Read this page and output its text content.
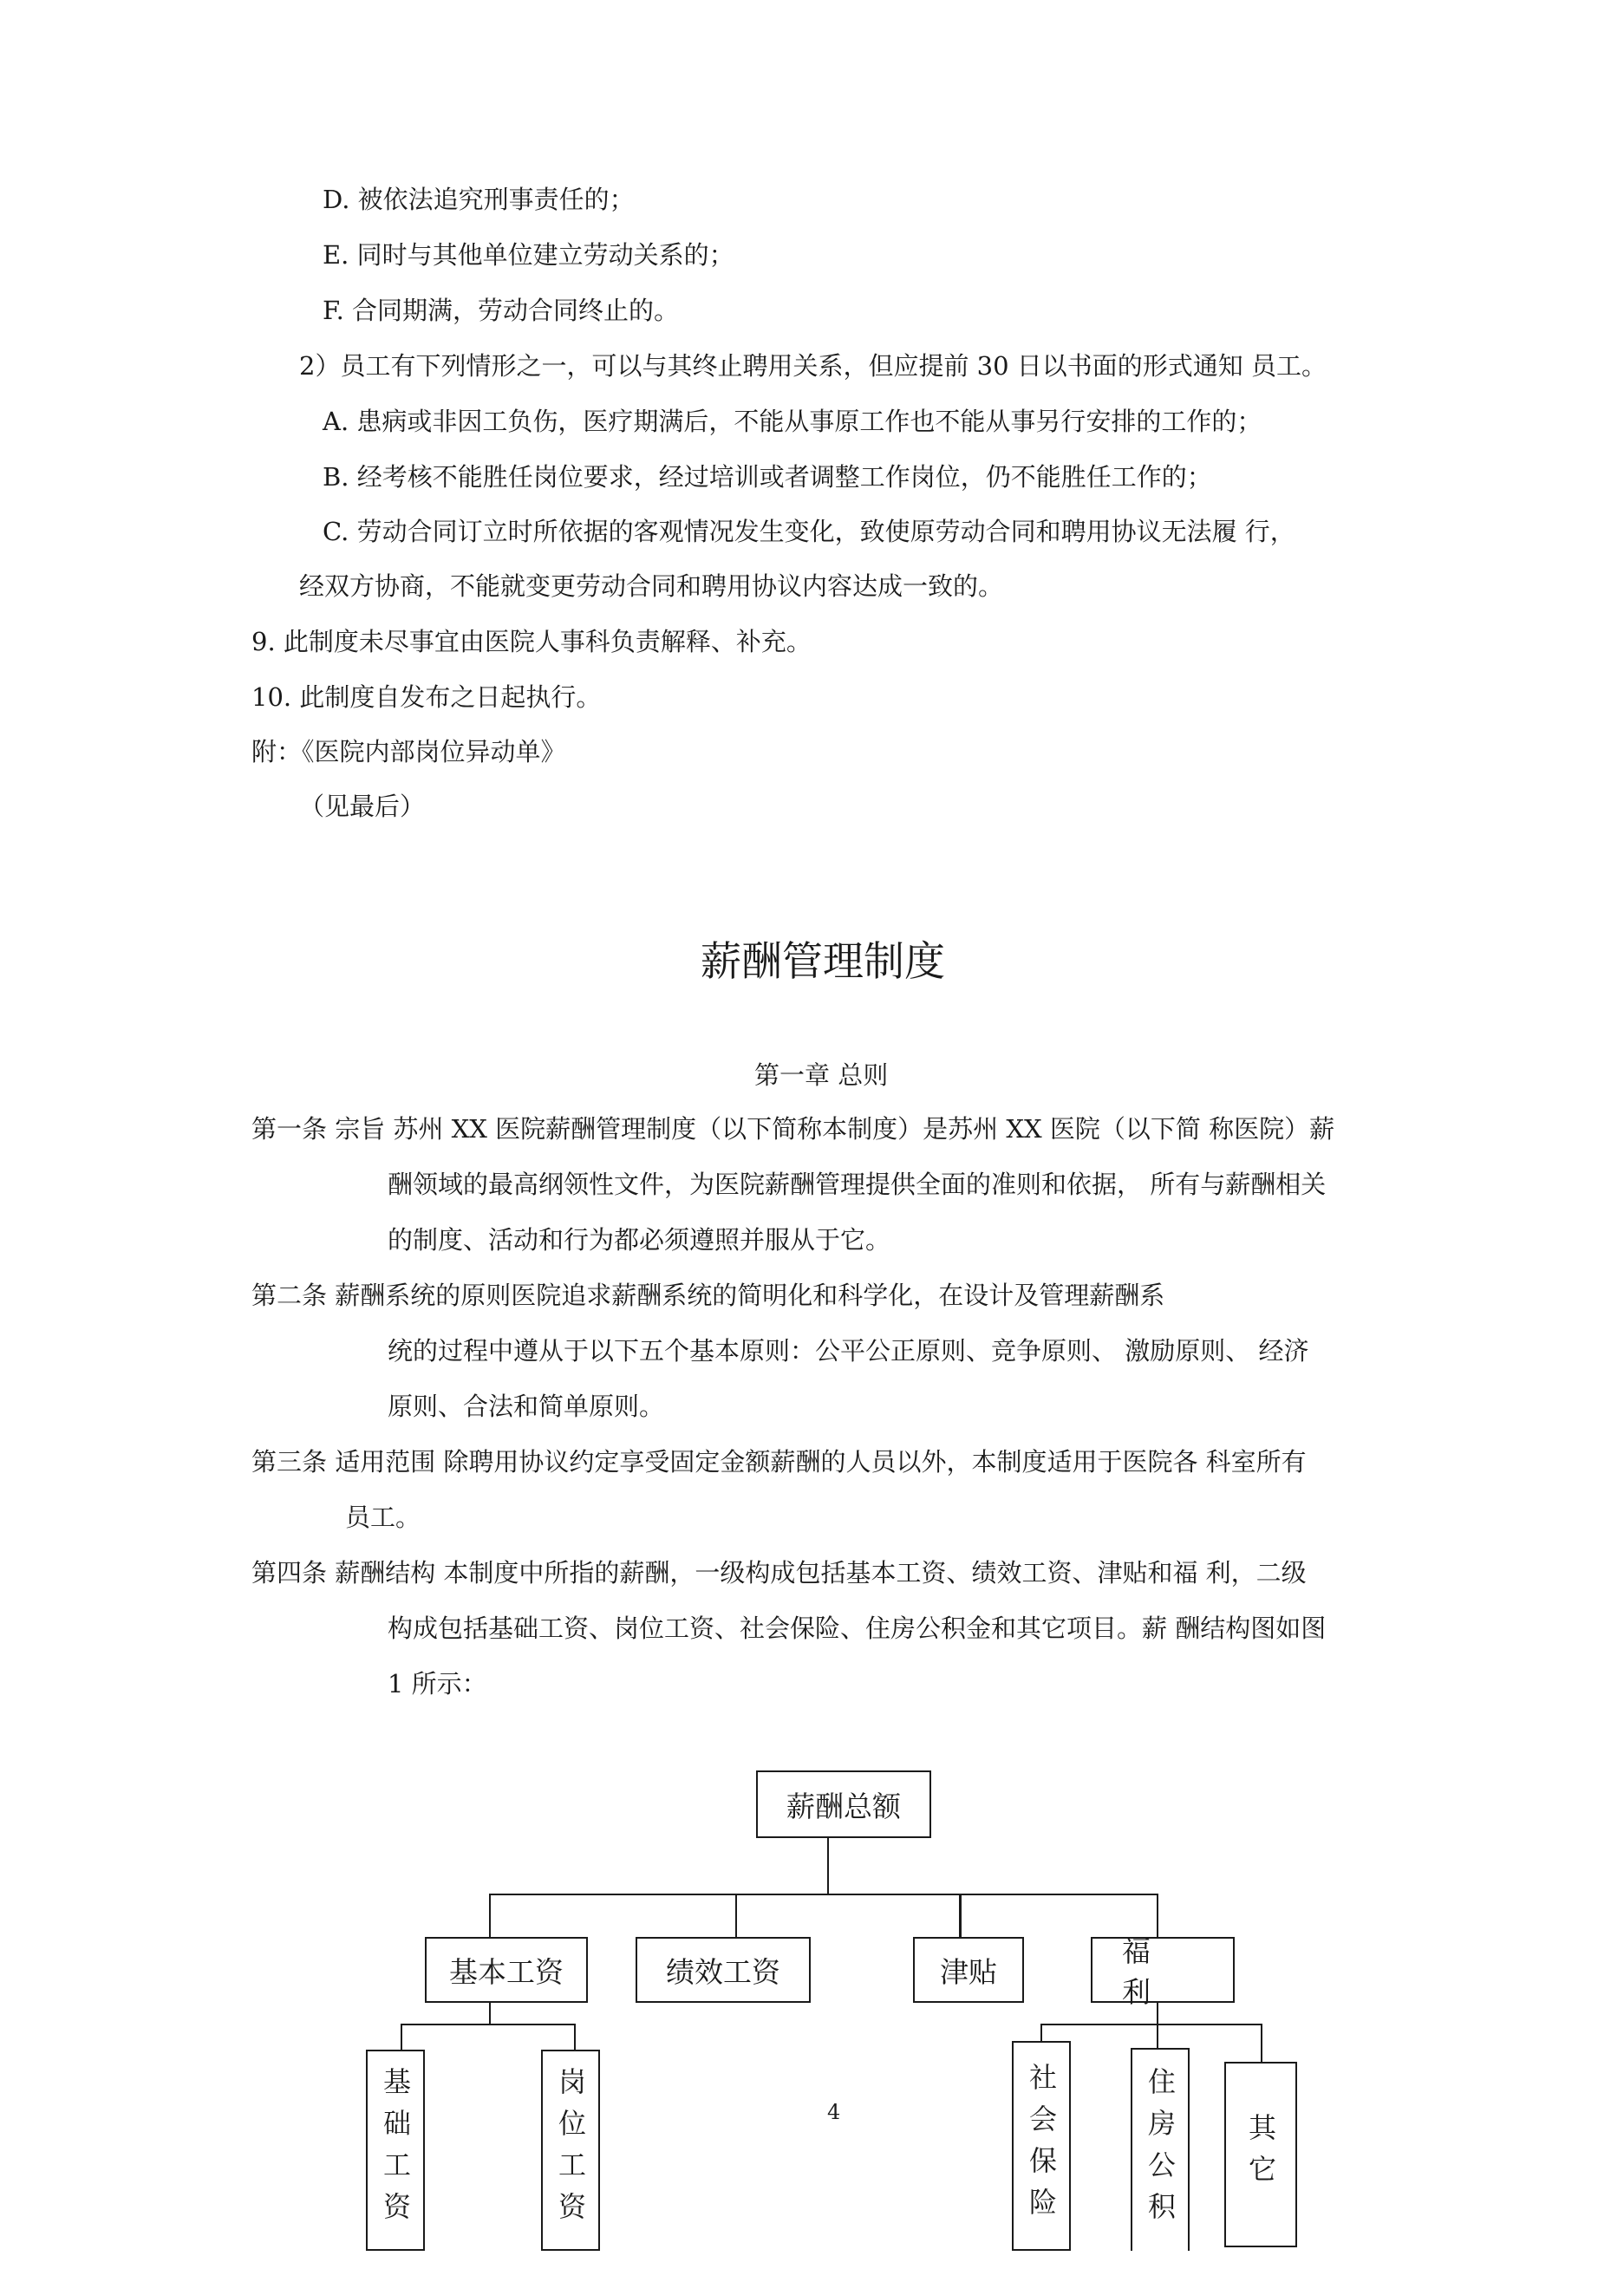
D. 被依法追究刑事责任的；
E. 同时与其他单位建立劳动关系的；
F. 合同期满，劳动合同终止的。
2）员工有下列情形之一，可以与其终止聘用关系，但应提前 30 日以书面的形式通知 员工。
A. 患病或非因工负伤，医疗期满后，不能从事原工作也不能从事另行安排的工作的；
B. 经考核不能胜任岗位要求，经过培训或者调整工作岗位，仍不能胜任工作的；
C. 劳动合同订立时所依据的客观情况发生变化，致使原劳动合同和聘用协议无法履 行，
经双方协商，不能就变更劳动合同和聘用协议内容达成一致的。
9. 此制度未尽事宜由医院人事科负责解释、补充。
10. 此制度自发布之日起执行。
附：《医院内部岗位异动单》
（见最后）
薪酬管理制度
第一章 总则
第一条 宗旨 苏州 XX 医院薪酬管理制度（以下简称本制度）是苏州 XX 医院（以下简 称医院）薪
酬领域的最高纲领性文件，为医院薪酬管理提供全面的准则和依据， 所有与薪酬相关
的制度、活动和行为都必须遵照并服从于它。
第二条 薪酬系统的原则医院追求薪酬系统的简明化和科学化，在设计及管理薪酬系
统的过程中遵从于以下五个基本原则：公平公正原则、竞争原则、 激励原则、 经济
原则、合法和简单原则。
第三条 适用范围 除聘用协议约定享受固定金额薪酬的人员以外，本制度适用于医院各 科室所有
员工。
第四条 薪酬结构 本制度中所指的薪酬，一级构成包括基本工资、绩效工资、津贴和福 利，二级
构成包括基础工资、岗位工资、社会保险、住房公积金和其它项目。薪 酬结构图如图
1 所示：
薪酬总额
基本工资	绩效工资	津贴
福利
基础工资	岗位工资	社会保险	住房公积 其它
4
